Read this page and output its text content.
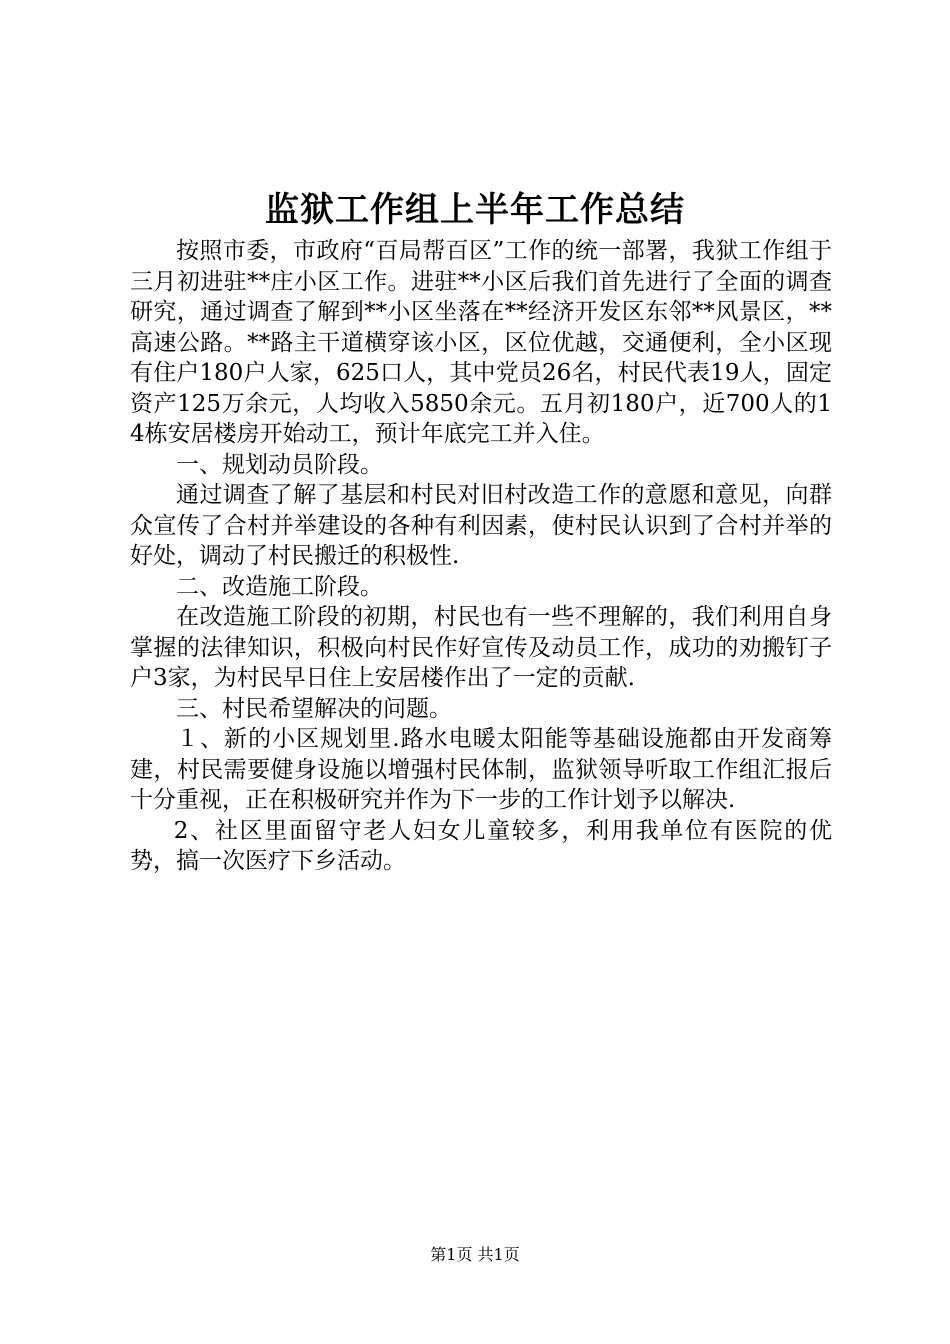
监狱工作组上半年工作总结

按照市委，市政府“百局帮百区”工作的统一部署，我狱工作组于三月初进驻**庄小区工作。进驻**小区后我们首先进行了全面的调查研究，通过调查了解到**小区坐落在**经济开发区东邻**风景区，**高速公路。**路主干道横穿该小区，区位优越，交通便利，全小区现有住户180户人家，625口人，其中党员26名，村民代表19人，固定资产125万余元，人均收入5850余元。五月初180户，近700人的14栋安居楼房开始动工，预计年底完工并入住。

一、规划动员阶段。

通过调查了解了基层和村民对旧村改造工作的意愿和意见，向群众宣传了合村并举建设的各种有利因素，使村民认识到了合村并举的好处，调动了村民搬迁的积极性.

二、改造施工阶段。

在改造施工阶段的初期，村民也有一些不理解的，我们利用自身掌握的法律知识，积极向村民作好宣传及动员工作，成功的劝搬钉子户3家，为村民早日住上安居楼作出了一定的贡献.

三、村民希望解决的问题。

１、新的小区规划里.路水电暖太阳能等基础设施都由开发商筹建，村民需要健身设施以增强村民体制，监狱领导听取工作组汇报后十分重视，正在积极研究并作为下一步的工作计划予以解决.

2、社区里面留守老人妇女儿童较多，利用我单位有医院的优势，搞一次医疗下乡活动。

第1页 共1页
